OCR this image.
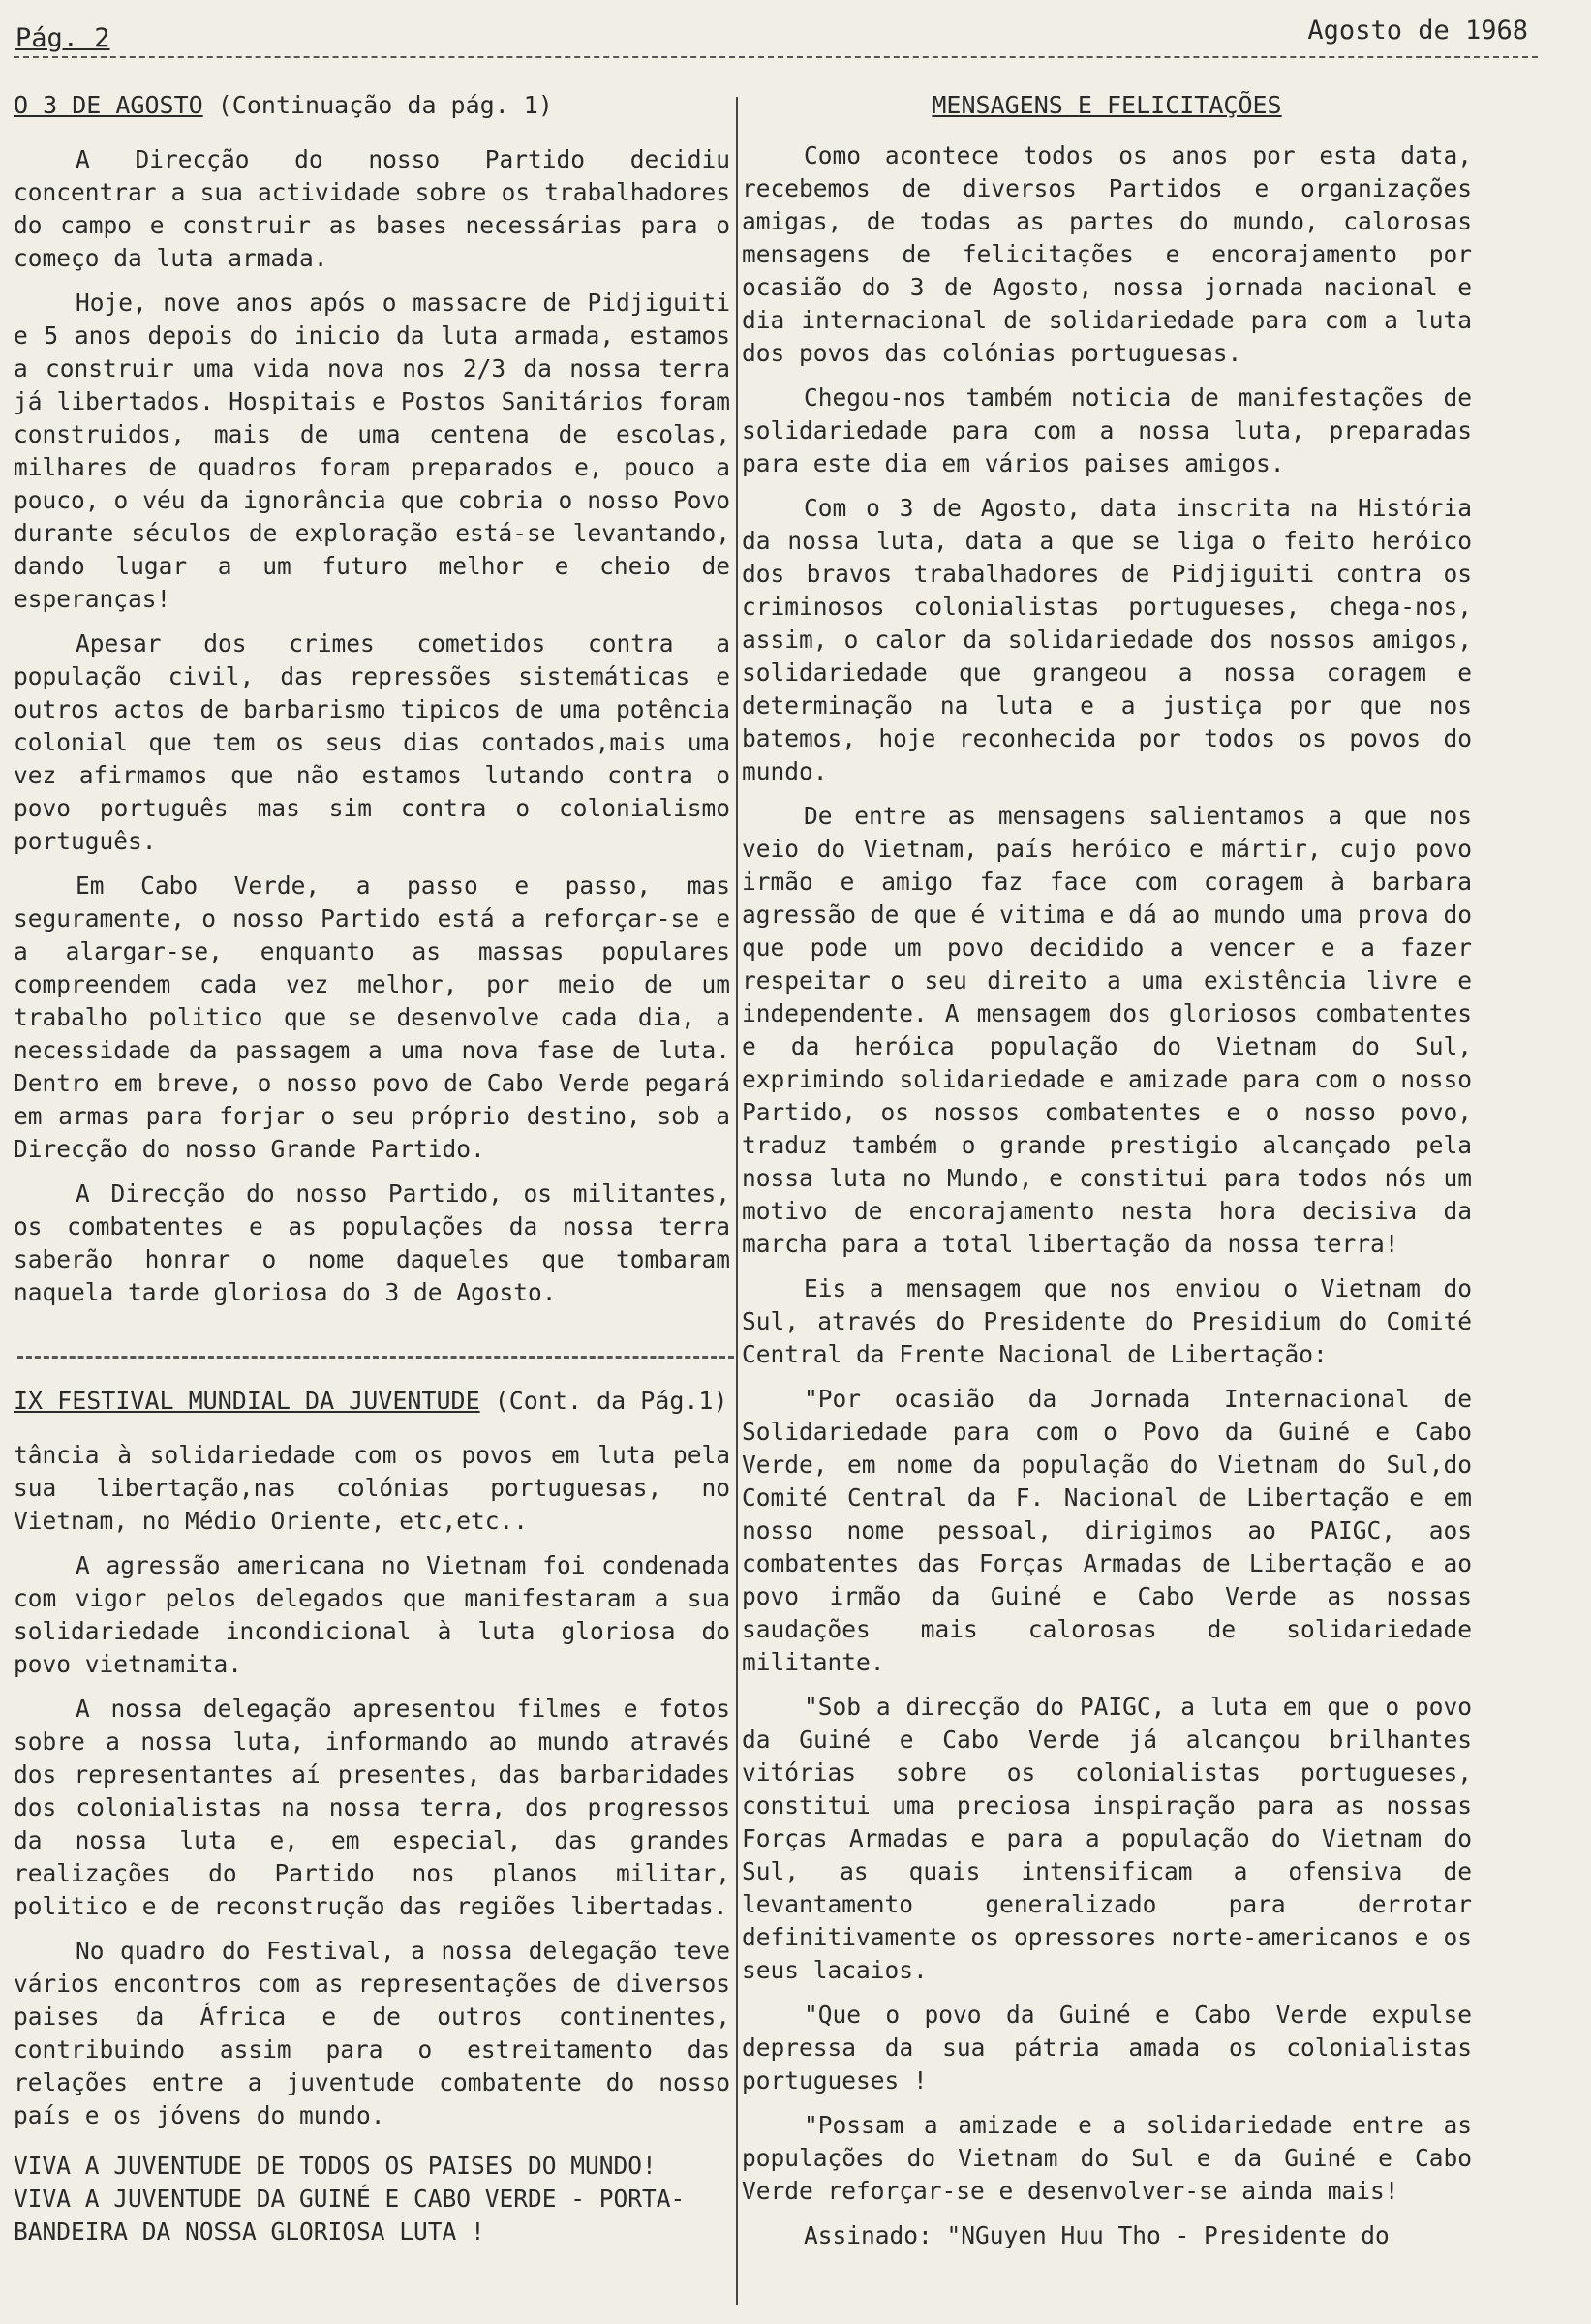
Pág. 2	Agosto de 1968
O 3 DE AGOSTO (Continuação da pág. 1)

A Direcção do nosso Partido decidiu concentrar a sua actividade sobre os trabalhadores do campo e construir as bases necessárias para o começo da luta armada.

Hoje, nove anos após o massacre de Pidjiguiti e 5 anos depois do inicio da luta armada, estamos a construir uma vida nova nos 2/3 da nossa terra já libertados. Hospitais e Postos Sanitários foram construidos, mais de uma centena de escolas, milhares de quadros foram preparados e, pouco a pouco, o véu da ignorância que cobria o nosso Povo durante séculos de exploração está-se levantando, dando lugar a um futuro melhor e cheio de esperanças!

Apesar dos crimes cometidos contra a população civil, das repressões sistemáticas e outros actos de barbarismo tipicos de uma potência colonial que tem os seus dias contados,mais uma vez afirmamos que não estamos lutando contra o povo português mas sim contra o colonialismo português.

Em Cabo Verde, a passo e passo, mas seguramente, o nosso Partido está a reforçar-se e a alargar-se, enquanto as massas populares compreendem cada vez melhor, por meio de um trabalho politico que se desenvolve cada dia, a necessidade da passagem a uma nova fase de luta. Dentro em breve, o nosso povo de Cabo Verde pegará em armas para forjar o seu próprio destino, sob a Direcção do nosso Grande Partido.

A Direcção do nosso Partido, os militantes, os combatentes e as populações da nossa terra saberão honrar o nome daqueles que tombaram naquela tarde gloriosa do 3 de Agosto.

IX FESTIVAL MUNDIAL DA JUVENTUDE (Cont. da Pág.1)

tância à solidariedade com os povos em luta pela sua libertação,nas colónias portuguesas, no Vietnam, no Médio Oriente, etc,etc..

A agressão americana no Vietnam foi condenada com vigor pelos delegados que manifestaram a sua solidariedade incondicional à luta gloriosa do povo vietnamita.

A nossa delegação apresentou filmes e fotos sobre a nossa luta, informando ao mundo através dos representantes aí presentes, das barbaridades dos colonialistas na nossa terra, dos progressos da nossa luta e, em especial, das grandes realizações do Partido nos planos militar, politico e de reconstrução das regiões libertadas.

No quadro do Festival, a nossa delegação teve vários encontros com as representações de diversos paises da África e de outros continentes, contribuindo assim para o estreitamento das relações entre a juventude combatente do nosso país e os jóvens do mundo.

VIVA A JUVENTUDE DE TODOS OS PAISES DO MUNDO!
VIVA A JUVENTUDE DA GUINÉ E CABO VERDE - PORTA-BANDEIRA DA NOSSA GLORIOSA LUTA !
MENSAGENS E FELICITAÇÕES

Como acontece todos os anos por esta data, recebemos de diversos Partidos e organizações amigas, de todas as partes do mundo, calorosas mensagens de felicitações e encorajamento por ocasião do 3 de Agosto, nossa jornada nacional e dia internacional de solidariedade para com a luta dos povos das colónias portuguesas.

Chegou-nos também noticia de manifestações de solidariedade para com a nossa luta, preparadas para este dia em vários paises amigos.

Com o 3 de Agosto, data inscrita na História da nossa luta, data a que se liga o feito heróico dos bravos trabalhadores de Pidjiguiti contra os criminosos colonialistas portugueses, chega-nos, assim, o calor da solidariedade dos nossos amigos, solidariedade que grangeou a nossa coragem e determinação na luta e a justiça por que nos batemos, hoje reconhecida por todos os povos do mundo.

De entre as mensagens salientamos a que nos veio do Vietnam, país heróico e mártir, cujo povo irmão e amigo faz face com coragem à barbara agressão de que é vitima e dá ao mundo uma prova do que pode um povo decidido a vencer e a fazer respeitar o seu direito a uma existência livre e independente. A mensagem dos gloriosos combatentes e da heróica população do Vietnam do Sul, exprimindo solidariedade e amizade para com o nosso Partido, os nossos combatentes e o nosso povo, traduz também o grande prestigio alcançado pela nossa luta no Mundo, e constitui para todos nós um motivo de encorajamento nesta hora decisiva da marcha para a total libertação da nossa terra!

Eis a mensagem que nos enviou o Vietnam do Sul, através do Presidente do Presidium do Comité Central da Frente Nacional de Libertação:

"Por ocasião da Jornada Internacional de Solidariedade para com o Povo da Guiné e Cabo Verde, em nome da população do Vietnam do Sul,do Comité Central da F. Nacional de Libertação e em nosso nome pessoal, dirigimos ao PAIGC, aos combatentes das Forças Armadas de Libertação e ao povo irmão da Guiné e Cabo Verde as nossas saudações mais calorosas de solidariedade militante.

"Sob a direcção do PAIGC, a luta em que o povo da Guiné e Cabo Verde já alcançou brilhantes vitórias sobre os colonialistas portugueses, constitui uma preciosa inspiração para as nossas Forças Armadas e para a população do Vietnam do Sul, as quais intensificam a ofensiva de levantamento generalizado para derrotar definitivamente os opressores norte-americanos e os seus lacaios.

"Que o povo da Guiné e Cabo Verde expulse depressa da sua pátria amada os colonialistas portugueses !

"Possam a amizade e a solidariedade entre as populações do Vietnam do Sul e da Guiné e Cabo Verde reforçar-se e desenvolver-se ainda mais!

Assinado: "NGuyen Huu Tho - Presidente do
